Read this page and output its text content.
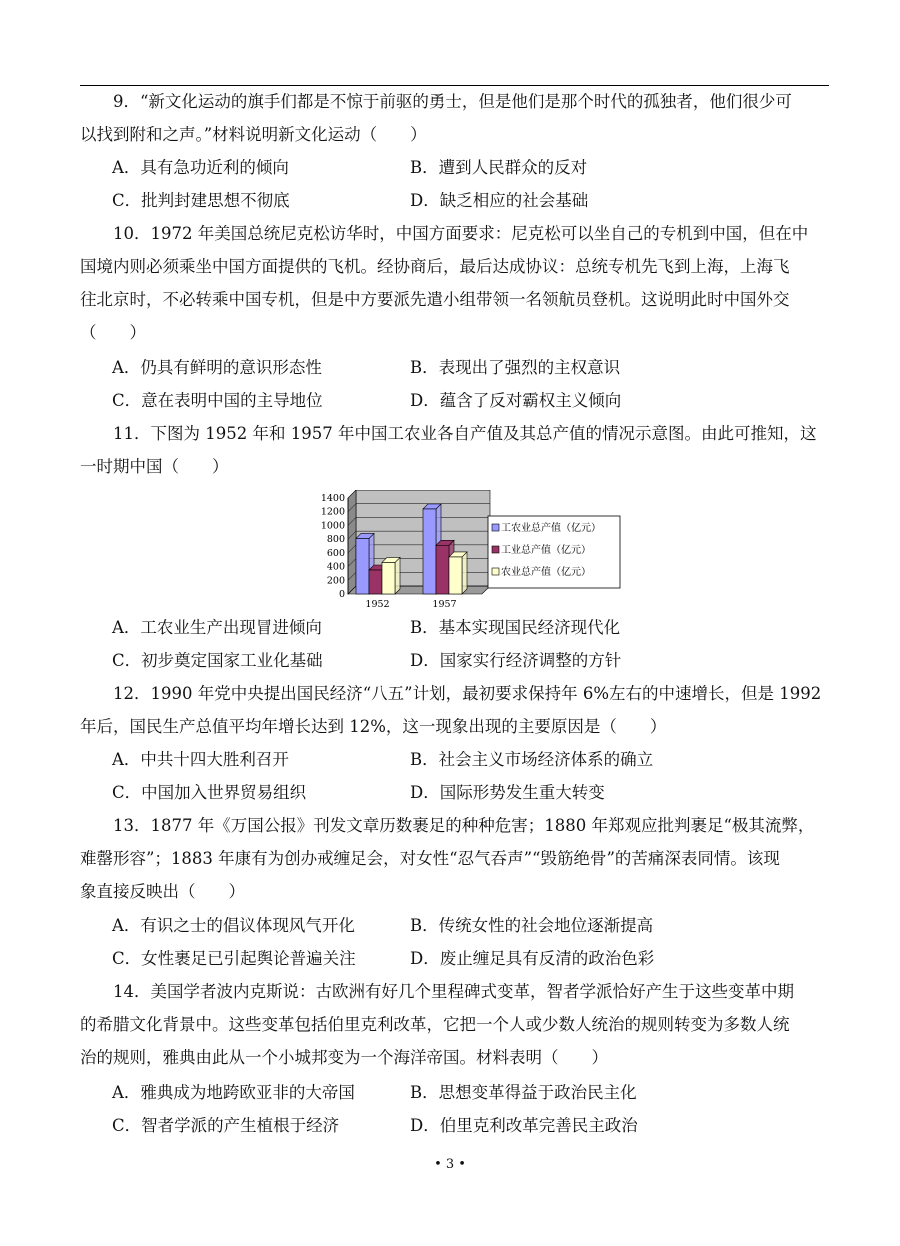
9．“新文化运动的旗手们都是不惊于前驱的勇士，但是他们是那个时代的孤独者，他们很少可
以找到附和之声。”材料说明新文化运动（　　）
A．具有急功近利的倾向	B．遭到人民群众的反对
C．批判封建思想不彻底	D．缺乏相应的社会基础
10．1972 年美国总统尼克松访华时，中国方面要求：尼克松可以坐自己的专机到中国，但在中
国境内则必须乘坐中国方面提供的飞机。经协商后，最后达成协议：总统专机先飞到上海，上海飞
往北京时，不必转乘中国专机，但是中方要派先遣小组带领一名领航员登机。这说明此时中国外交
（　　）
A．仍具有鲜明的意识形态性	B．表现出了强烈的主权意识
C．意在表明中国的主导地位	D．蕴含了反对霸权主义倾向
11．下图为 1952 年和 1957 年中国工农业各自产值及其总产值的情况示意图。由此可推知，这
一时期中国（　　）
0
200
400
600
800
1000
1200
1400
1952	1957
工农业总产值（亿元）
工业总产值（亿元）
农业总产值（亿元）
A．工农业生产出现冒进倾向	B．基本实现国民经济现代化
C．初步奠定国家工业化基础	D．国家实行经济调整的方针
12．1990 年党中央提出国民经济“八五”计划，最初要求保持年 6%左右的中速增长，但是 1992
年后，国民生产总值平均年增长达到 12%，这一现象出现的主要原因是（　　）
A．中共十四大胜利召开	B．社会主义市场经济体系的确立
C．中国加入世界贸易组织	D．国际形势发生重大转变
13．1877 年《万国公报》刊发文章历数裹足的种种危害；1880 年郑观应批判裹足“极其流弊，
难罄形容”；1883 年康有为创办戒缠足会，对女性“忍气吞声”“毁筋绝骨”的苦痛深表同情。该现
象直接反映出（　　）
A．有识之士的倡议体现风气开化	B．传统女性的社会地位逐渐提高
C．女性裹足已引起舆论普遍关注	D．废止缠足具有反清的政治色彩
14．美国学者波内克斯说：古欧洲有好几个里程碑式变革，智者学派恰好产生于这些变革中期
的希腊文化背景中。这些变革包括伯里克利改革，它把一个人或少数人统治的规则转变为多数人统
治的规则，雅典由此从一个小城邦变为一个海洋帝国。材料表明（　　）
A．雅典成为地跨欧亚非的大帝国	B．思想变革得益于政治民主化
C．智者学派的产生植根于经济	D．伯里克利改革完善民主政治
• 3 •
